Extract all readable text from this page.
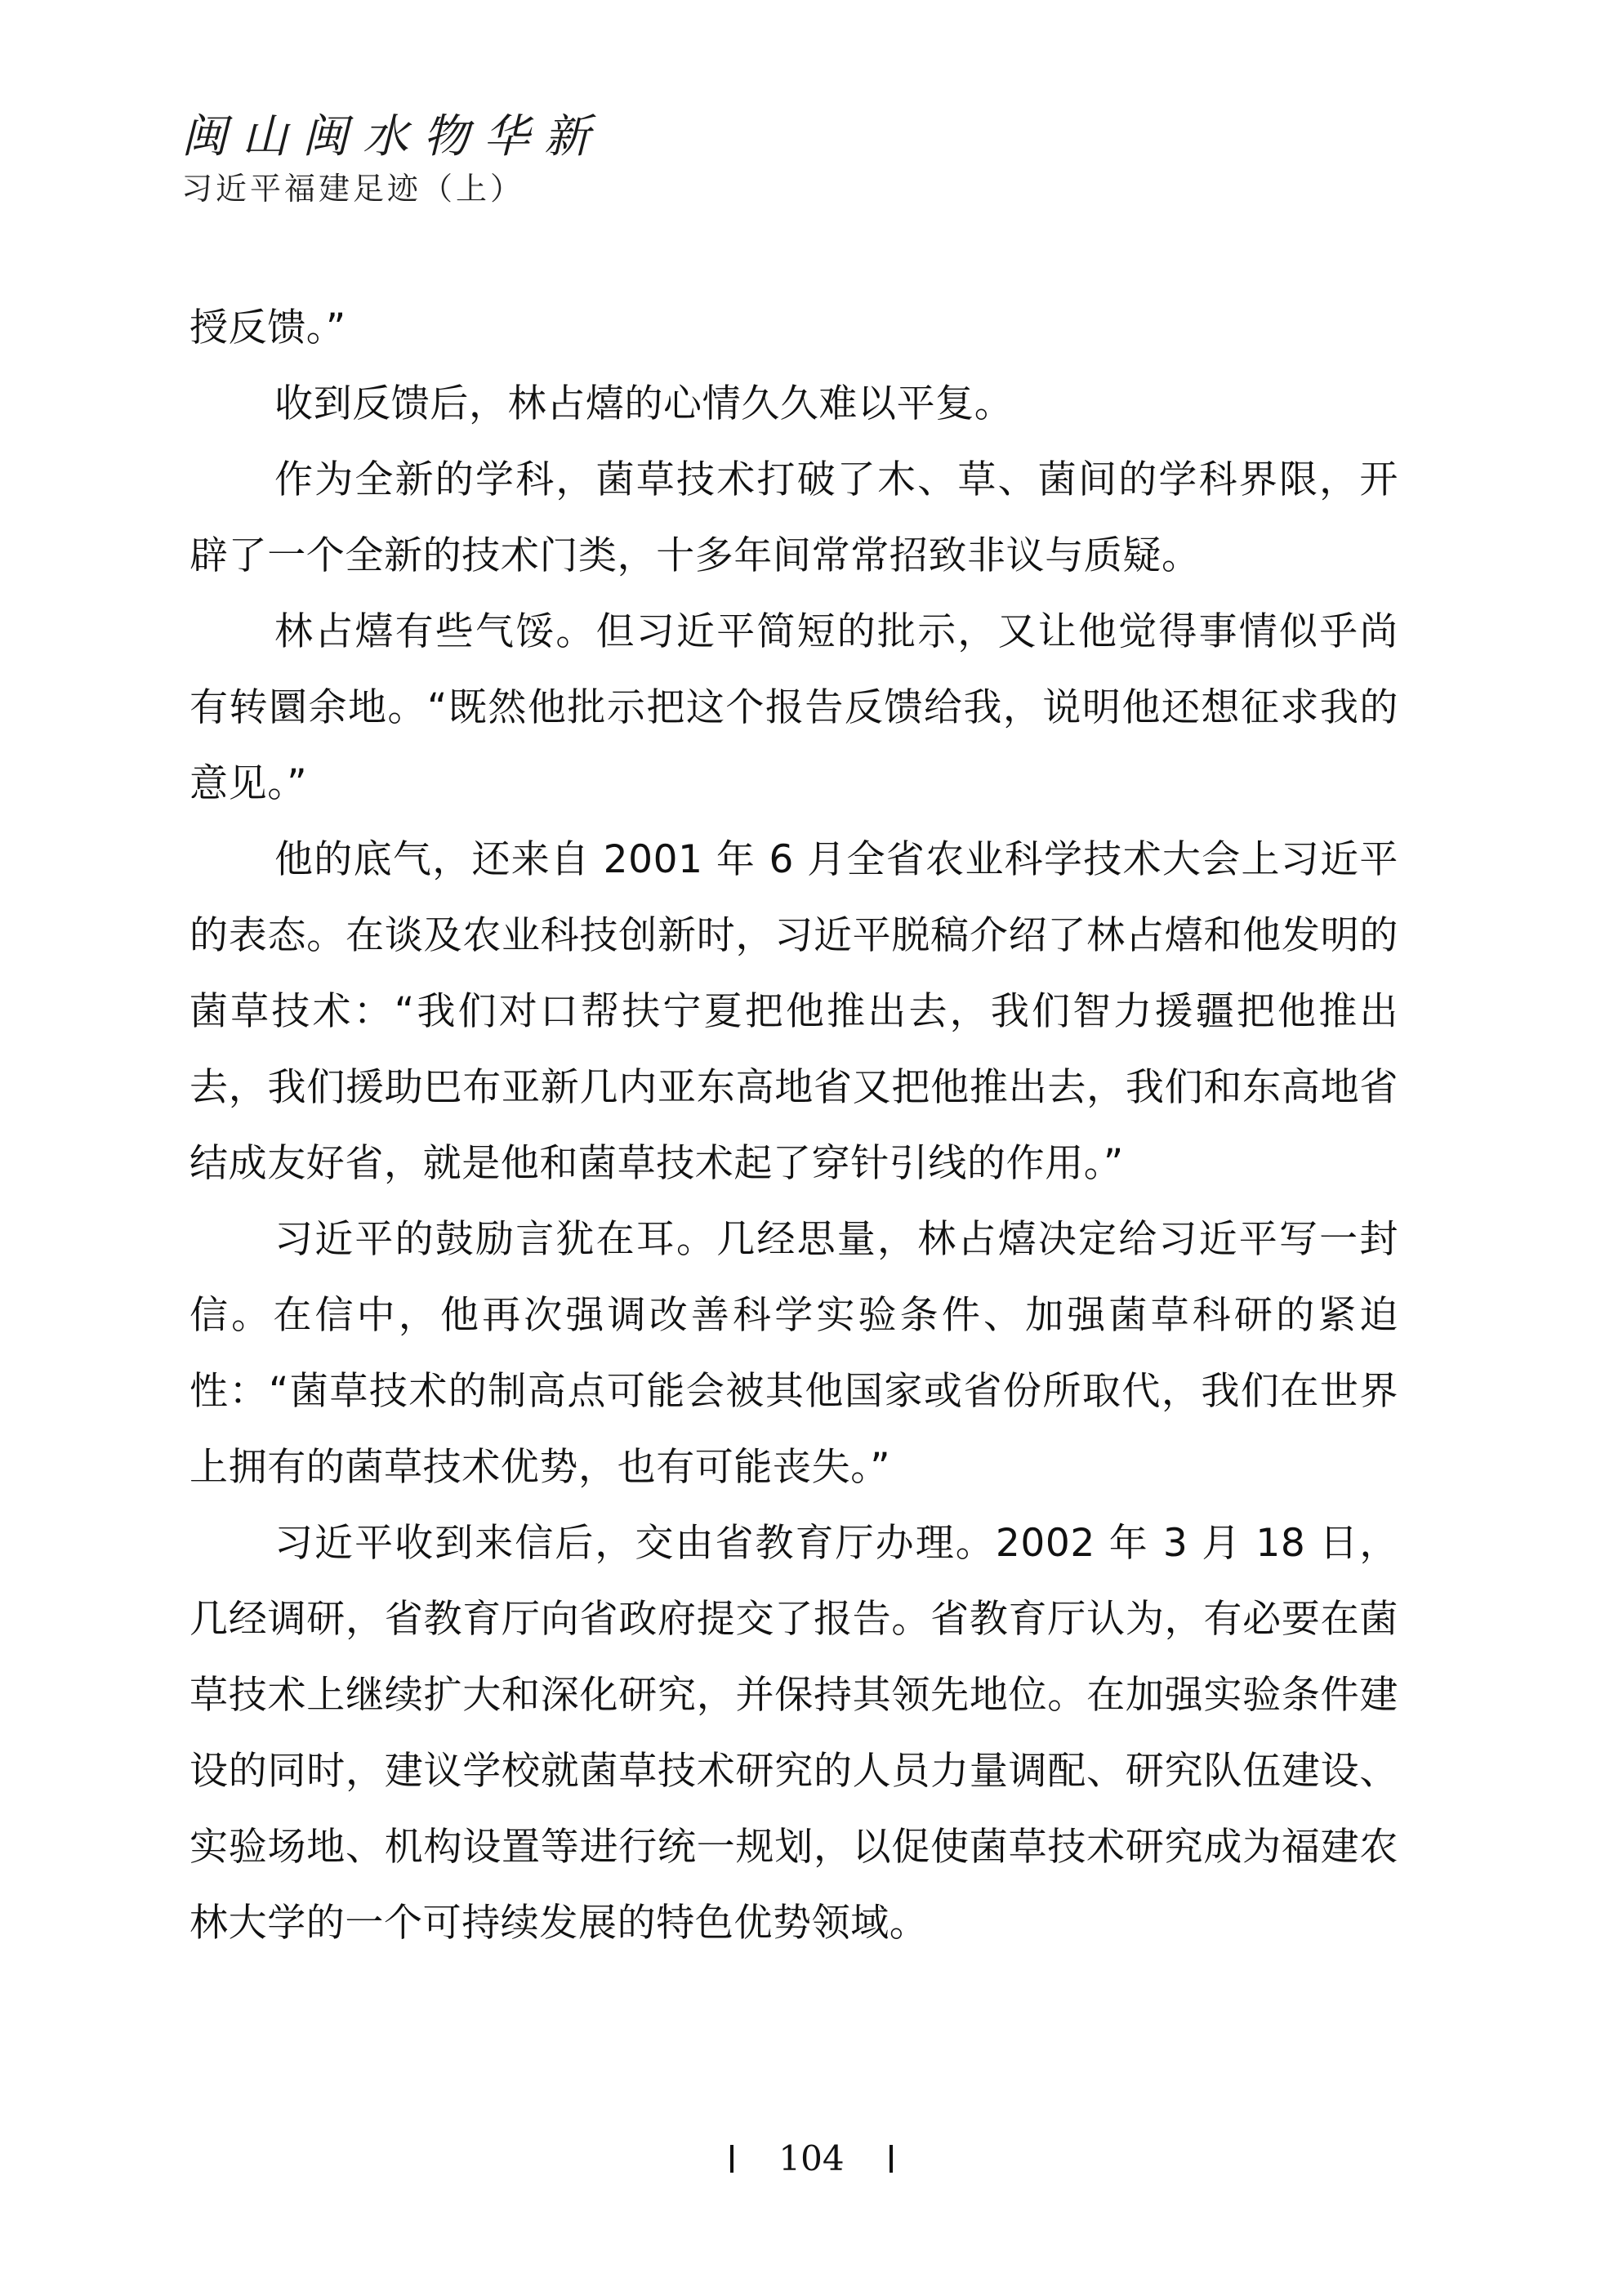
闽山闽水物华新
习近平福建足迹（上）

授反馈。”

收到反馈后，林占熺的心情久久难以平复。

作为全新的学科，菌草技术打破了木、草、菌间的学科界限，开辟了一个全新的技术门类，十多年间常常招致非议与质疑。

林占熺有些气馁。但习近平简短的批示，又让他觉得事情似乎尚有转圜余地。“既然他批示把这个报告反馈给我，说明他还想征求我的意见。”

他的底气，还来自 2001 年 6 月全省农业科学技术大会上习近平的表态。在谈及农业科技创新时，习近平脱稿介绍了林占熺和他发明的菌草技术：“我们对口帮扶宁夏把他推出去，我们智力援疆把他推出去，我们援助巴布亚新几内亚东高地省又把他推出去，我们和东高地省结成友好省，就是他和菌草技术起了穿针引线的作用。”

习近平的鼓励言犹在耳。几经思量，林占熺决定给习近平写一封信。在信中，他再次强调改善科学实验条件、加强菌草科研的紧迫性：“菌草技术的制高点可能会被其他国家或省份所取代，我们在世界上拥有的菌草技术优势，也有可能丧失。”

习近平收到来信后，交由省教育厅办理。2002 年 3 月 18 日，几经调研，省教育厅向省政府提交了报告。省教育厅认为，有必要在菌草技术上继续扩大和深化研究，并保持其领先地位。在加强实验条件建设的同时，建议学校就菌草技术研究的人员力量调配、研究队伍建设、实验场地、机构设置等进行统一规划，以促使菌草技术研究成为福建农林大学的一个可持续发展的特色优势领域。

104
